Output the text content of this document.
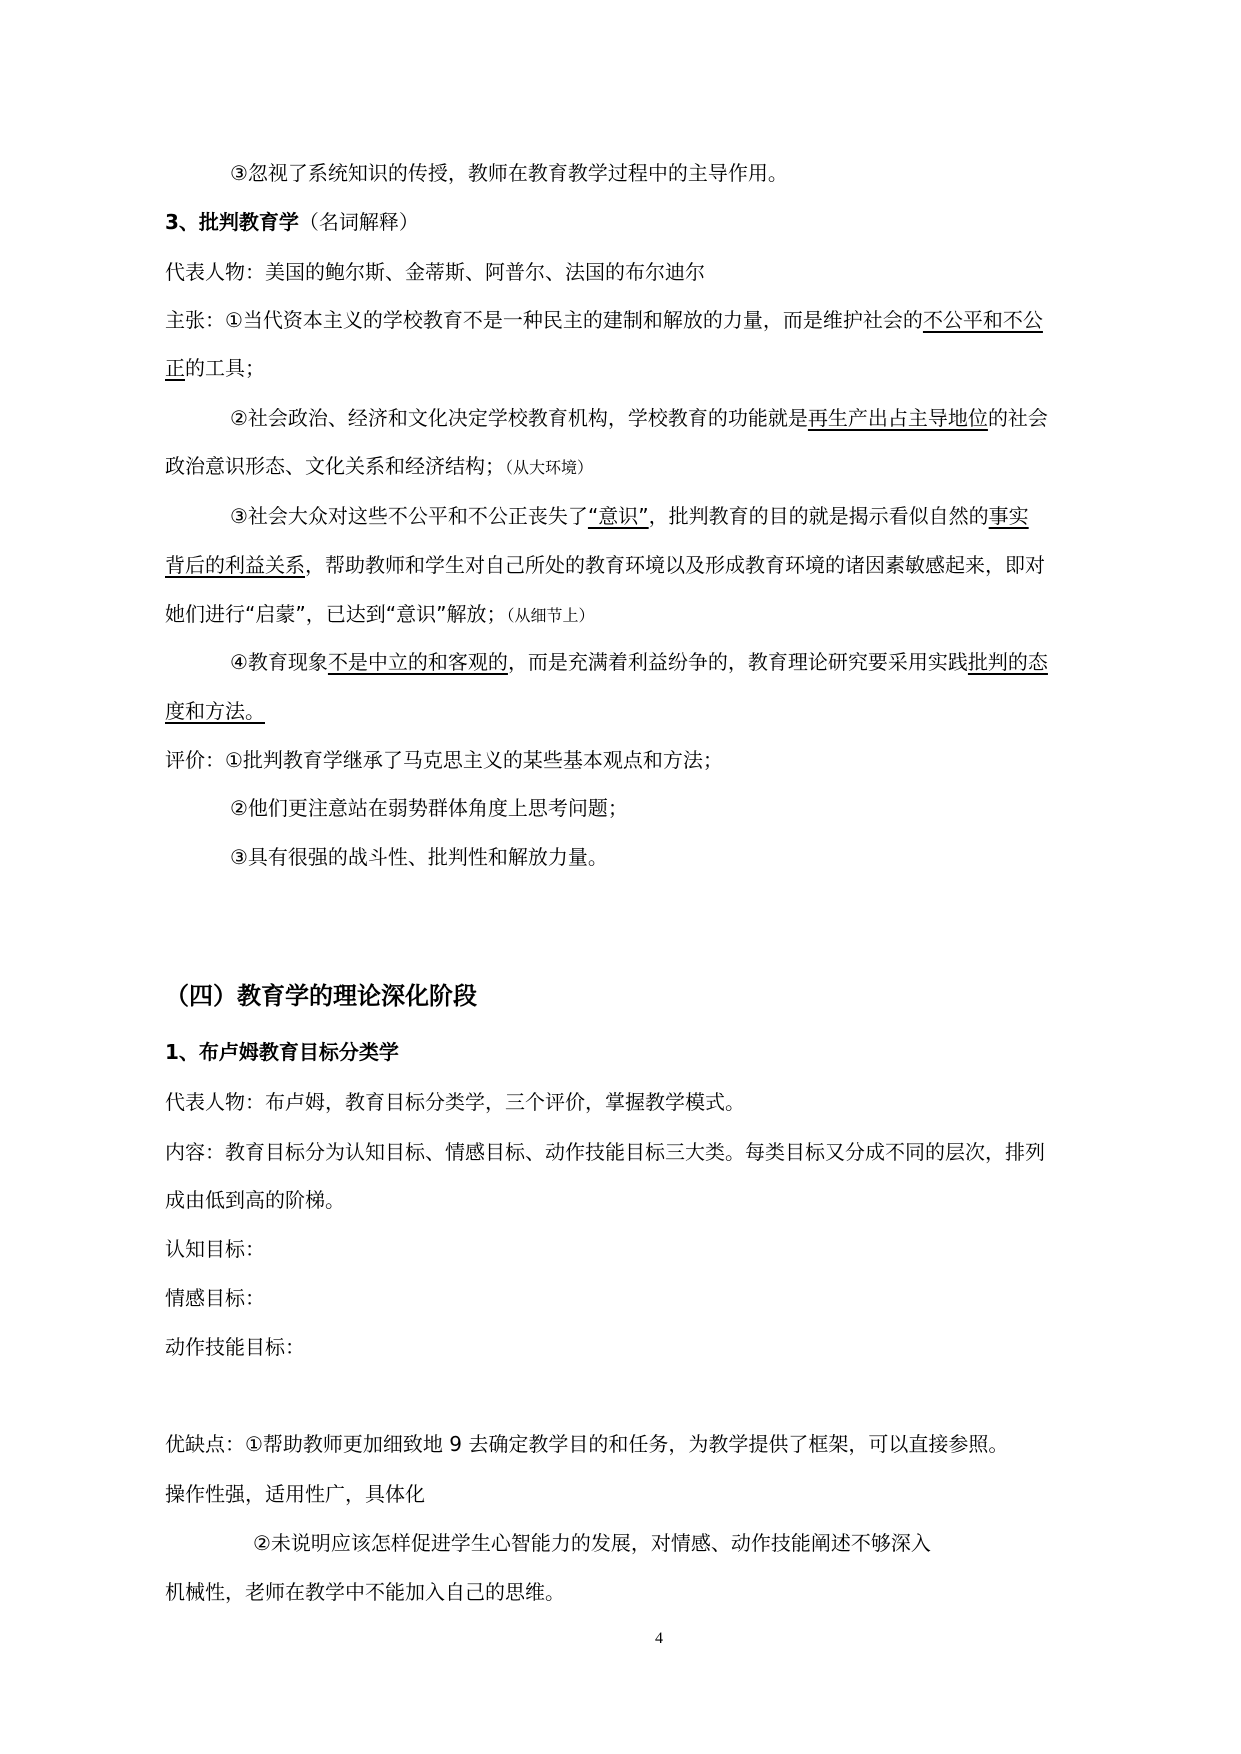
③忽视了系统知识的传授，教师在教育教学过程中的主导作用。
3、批判教育学（名词解释）
代表人物：美国的鲍尔斯、金蒂斯、阿普尔、法国的布尔迪尔
主张：①当代资本主义的学校教育不是一种民主的建制和解放的力量，而是维护社会的不公平和不公
正的工具；
②社会政治、经济和文化决定学校教育机构，学校教育的功能就是再生产出占主导地位的社会
政治意识形态、文化关系和经济结构；（从大环境）
③社会大众对这些不公平和不公正丧失了“意识”，批判教育的目的就是揭示看似自然的事实
背后的利益关系，帮助教师和学生对自己所处的教育环境以及形成教育环境的诸因素敏感起来，即对
她们进行“启蒙”，已达到“意识”解放；（从细节上）
④教育现象不是中立的和客观的，而是充满着利益纷争的，教育理论研究要采用实践批判的态
度和方法。
评价：①批判教育学继承了马克思主义的某些基本观点和方法；
②他们更注意站在弱势群体角度上思考问题；
③具有很强的战斗性、批判性和解放力量。
（四）教育学的理论深化阶段
1、布卢姆教育目标分类学
代表人物：布卢姆，教育目标分类学，三个评价，掌握教学模式。
内容：教育目标分为认知目标、情感目标、动作技能目标三大类。每类目标又分成不同的层次，排列
成由低到高的阶梯。
认知目标：
情感目标：
动作技能目标：
优缺点：①帮助教师更加细致地 9 去确定教学目的和任务，为教学提供了框架，可以直接参照。
操作性强，适用性广，具体化
②未说明应该怎样促进学生心智能力的发展，对情感、动作技能阐述不够深入
机械性，老师在教学中不能加入自己的思维。
4
